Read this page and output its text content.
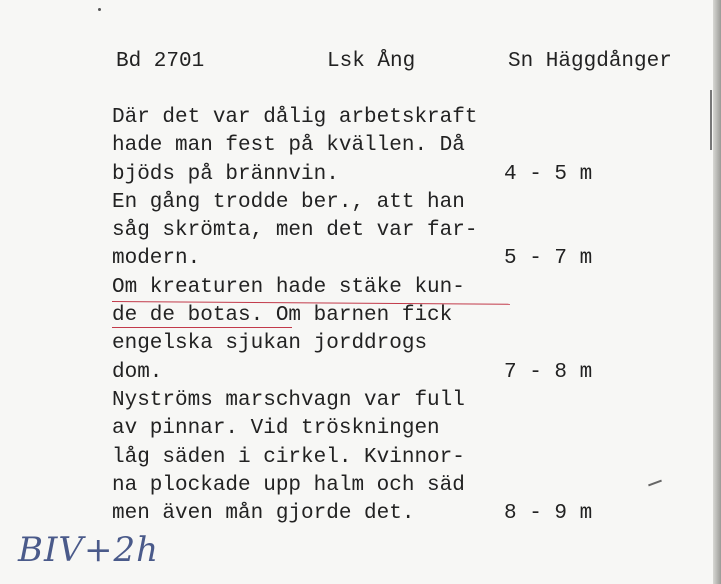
Bd 2701	Lsk Ång	Sn Häggdånger
Där det var dålig arbetskraft
hade man fest på kvällen. Då
bjöds på brännvin.	4 - 5 m
En gång trodde ber., att han
såg skrömta, men det var far-
modern.	5 - 7 m
Om kreaturen hade stäke kun-
de de botas. Om barnen fick
engelska sjukan jorddrogs
dom.	7 - 8 m
Nyströms marschvagn var full
av pinnar. Vid tröskningen
låg säden i cirkel. Kvinnor-
na plockade upp halm och säd
men även mån gjorde det.	8 - 9 m
BIV+2h
